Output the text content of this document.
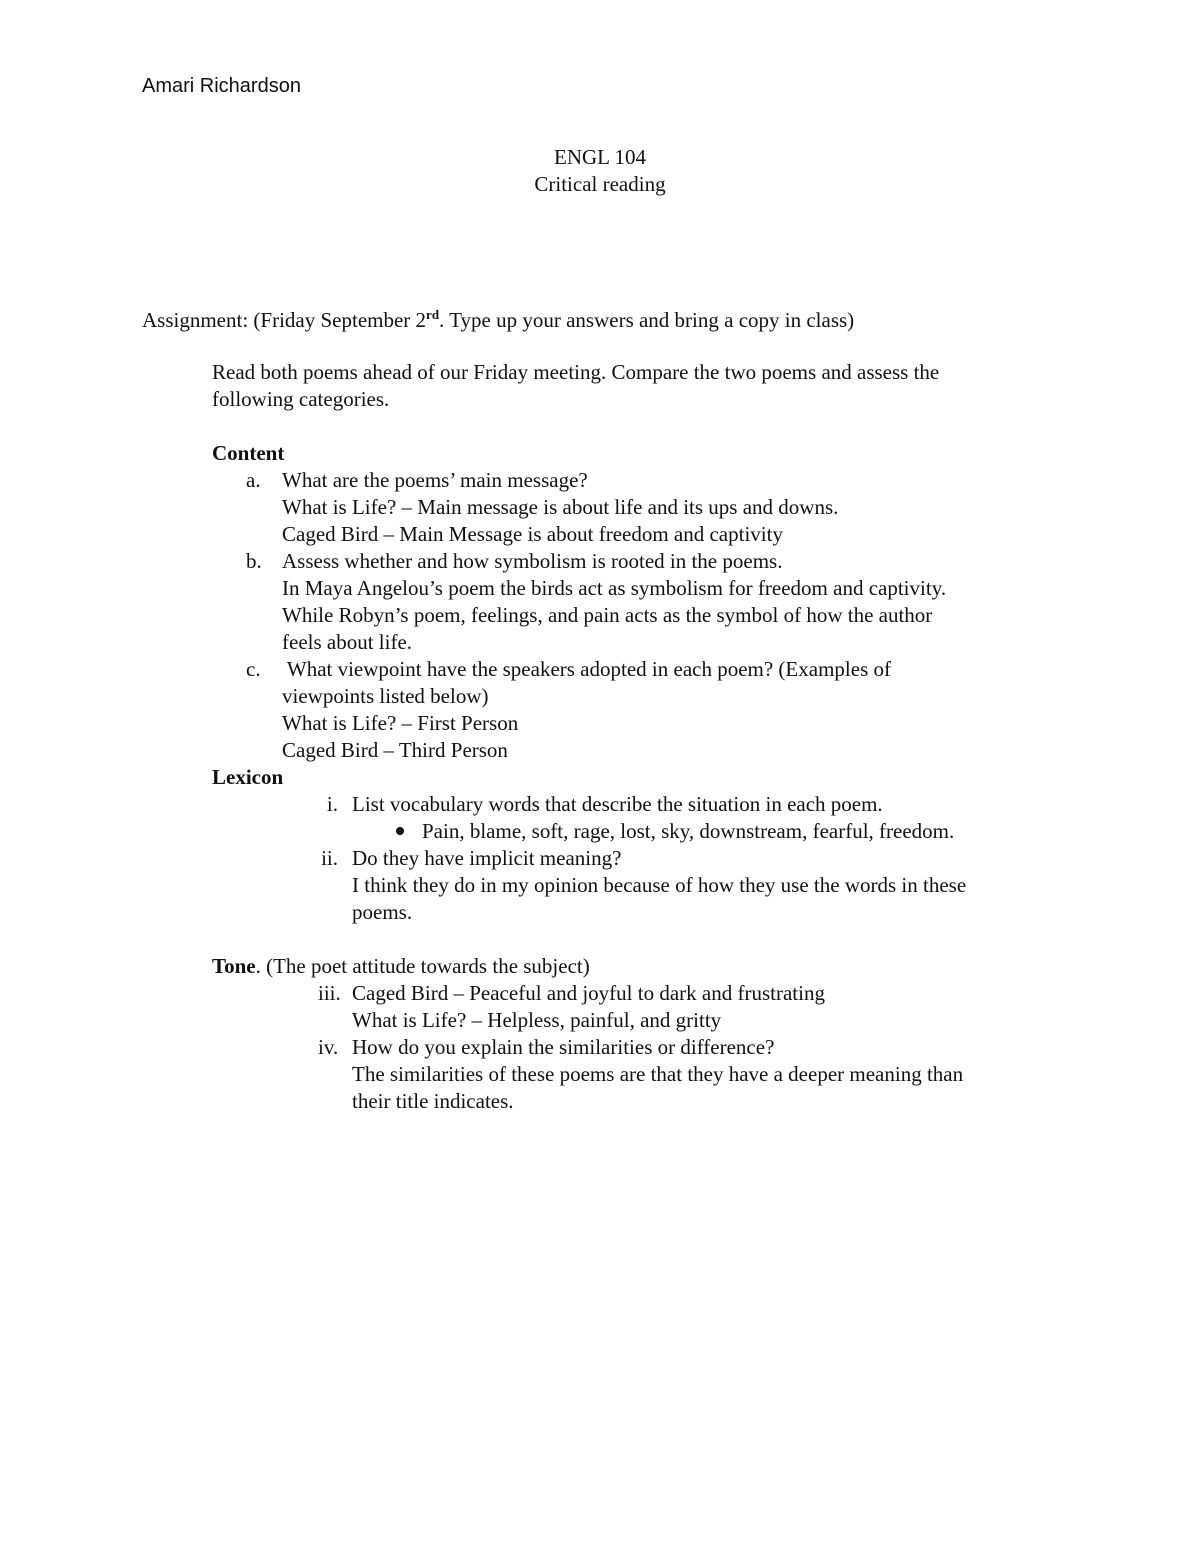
Amari Richardson
ENGL 104
Critical reading
Assignment: (Friday September 2rd. Type up your answers and bring a copy in class)
Read both poems ahead of our Friday meeting. Compare the two poems and assess the
following categories.
Content
a. What are the poems’ main message?
What is Life? – Main message is about life and its ups and downs.
Caged Bird – Main Message is about freedom and captivity
b. Assess whether and how symbolism is rooted in the poems.
In Maya Angelou’s poem the birds act as symbolism for freedom and captivity.
While Robyn’s poem, feelings, and pain acts as the symbol of how the author
feels about life.
c. What viewpoint have the speakers adopted in each poem? (Examples of
viewpoints listed below)
What is Life? – First Person
Caged Bird – Third Person
Lexicon
i. List vocabulary words that describe the situation in each poem.
Pain, blame, soft, rage, lost, sky, downstream, fearful, freedom.
ii. Do they have implicit meaning?
I think they do in my opinion because of how they use the words in these
poems.
Tone. (The poet attitude towards the subject)
iii. Caged Bird – Peaceful and joyful to dark and frustrating
What is Life? – Helpless, painful, and gritty
iv. How do you explain the similarities or difference?
The similarities of these poems are that they have a deeper meaning than
their title indicates.
